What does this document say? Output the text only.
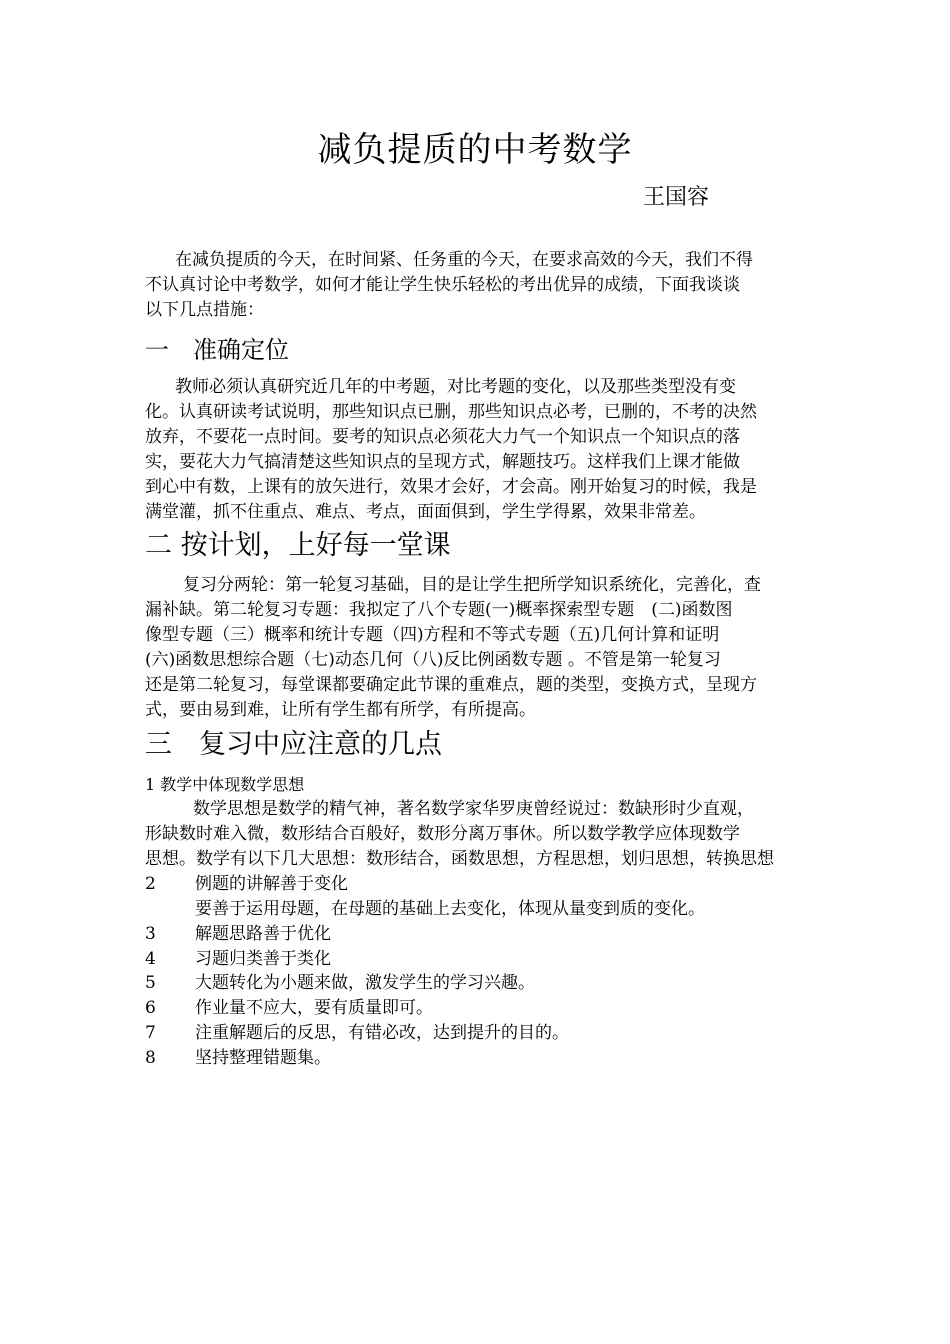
减负提质的中考数学
王国容
在减负提质的今天，在时间紧、任务重的今天，在要求高效的今天，我们不得
不认真讨论中考数学，如何才能让学生快乐轻松的考出优异的成绩，下面我谈谈
以下几点措施：
一　准确定位
教师必须认真研究近几年的中考题，对比考题的变化，以及那些类型没有变
化。认真研读考试说明，那些知识点已删，那些知识点必考，已删的，不考的决然
放弃，不要花一点时间。要考的知识点必须花大力气一个知识点一个知识点的落
实，要花大力气搞清楚这些知识点的呈现方式，解题技巧。这样我们上课才能做
到心中有数，上课有的放矢进行，效果才会好，才会高。刚开始复习的时候，我是
满堂灌，抓不住重点、难点、考点，面面俱到，学生学得累，效果非常差。
二 按计划，上好每一堂课
复习分两轮：第一轮复习基础，目的是让学生把所学知识系统化，完善化，查
漏补缺。第二轮复习专题：我拟定了八个专题(一)概率探索型专题　(二)函数图
像型专题（三）概率和统计专题（四)方程和不等式专题（五)几何计算和证明
(六)函数思想综合题（七)动态几何（八)反比例函数专题 。不管是第一轮复习
还是第二轮复习，每堂课都要确定此节课的重难点，题的类型，变换方式，呈现方
式，要由易到难，让所有学生都有所学，有所提高。
三　复习中应注意的几点
1 教学中体现数学思想
数学思想是数学的精气神，著名数学家华罗庚曾经说过：数缺形时少直观，
形缺数时难入微，数形结合百般好，数形分离万事休。所以数学教学应体现数学
思想。数学有以下几大思想：数形结合，函数思想，方程思想，划归思想，转换思想
2 例题的讲解善于变化
要善于运用母题，在母题的基础上去变化，体现从量变到质的变化。
3 解题思路善于优化
4 习题归类善于类化
5 大题转化为小题来做，激发学生的学习兴趣。
6 作业量不应大，要有质量即可。
7 注重解题后的反思，有错必改，达到提升的目的。
8 坚持整理错题集。
